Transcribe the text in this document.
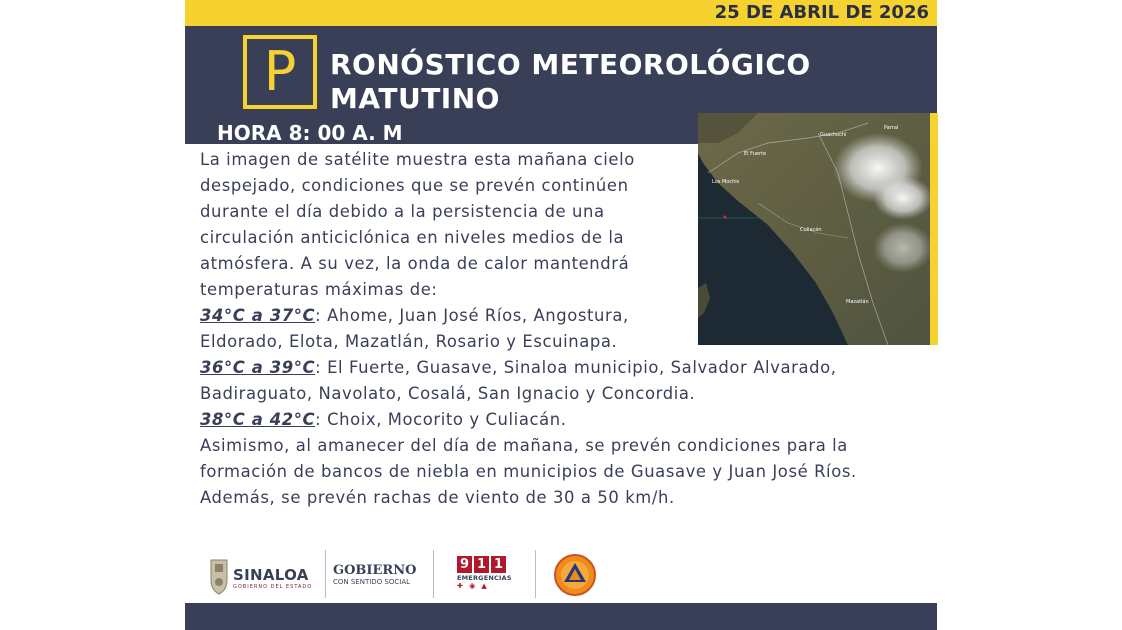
25 DE ABRIL DE 2026
P RONÓSTICO METEOROLÓGICO
MATUTINO
HORA 8: 00 A. M	Guachochi
Parral
El Fuerte
Los Mochis
Culiacán
Mazatlán
La imagen de satélite muestra esta mañana cielo
despejado, condiciones que se prevén continúen
durante el día debido a la persistencia de una
circulación anticiclónica en niveles medios de la
atmósfera. A su vez, la onda de calor mantendrá
temperaturas máximas de:
34°C a 37°C: Ahome, Juan José Ríos, Angostura,
Eldorado, Elota, Mazatlán, Rosario y Escuinapa.
36°C a 39°C: El Fuerte, Guasave, Sinaloa municipio, Salvador Alvarado,
Badiraguato, Navolato, Cosalá, San Ignacio y Concordia.
38°C a 42°C: Choix, Mocorito y Culiacán.
Asimismo, al amanecer del día de mañana, se prevén condiciones para la
formación de bancos de niebla en municipios de Guasave y Juan José Ríos.
Además, se prevén rachas de viento de 30 a 50 km/h.
SINALOA
GOBIERNO DEL ESTADO
GOBIERNO
CON SENTIDO SOCIAL
9 1 1
EMERGENCIAS
✚ ◉ ▲
